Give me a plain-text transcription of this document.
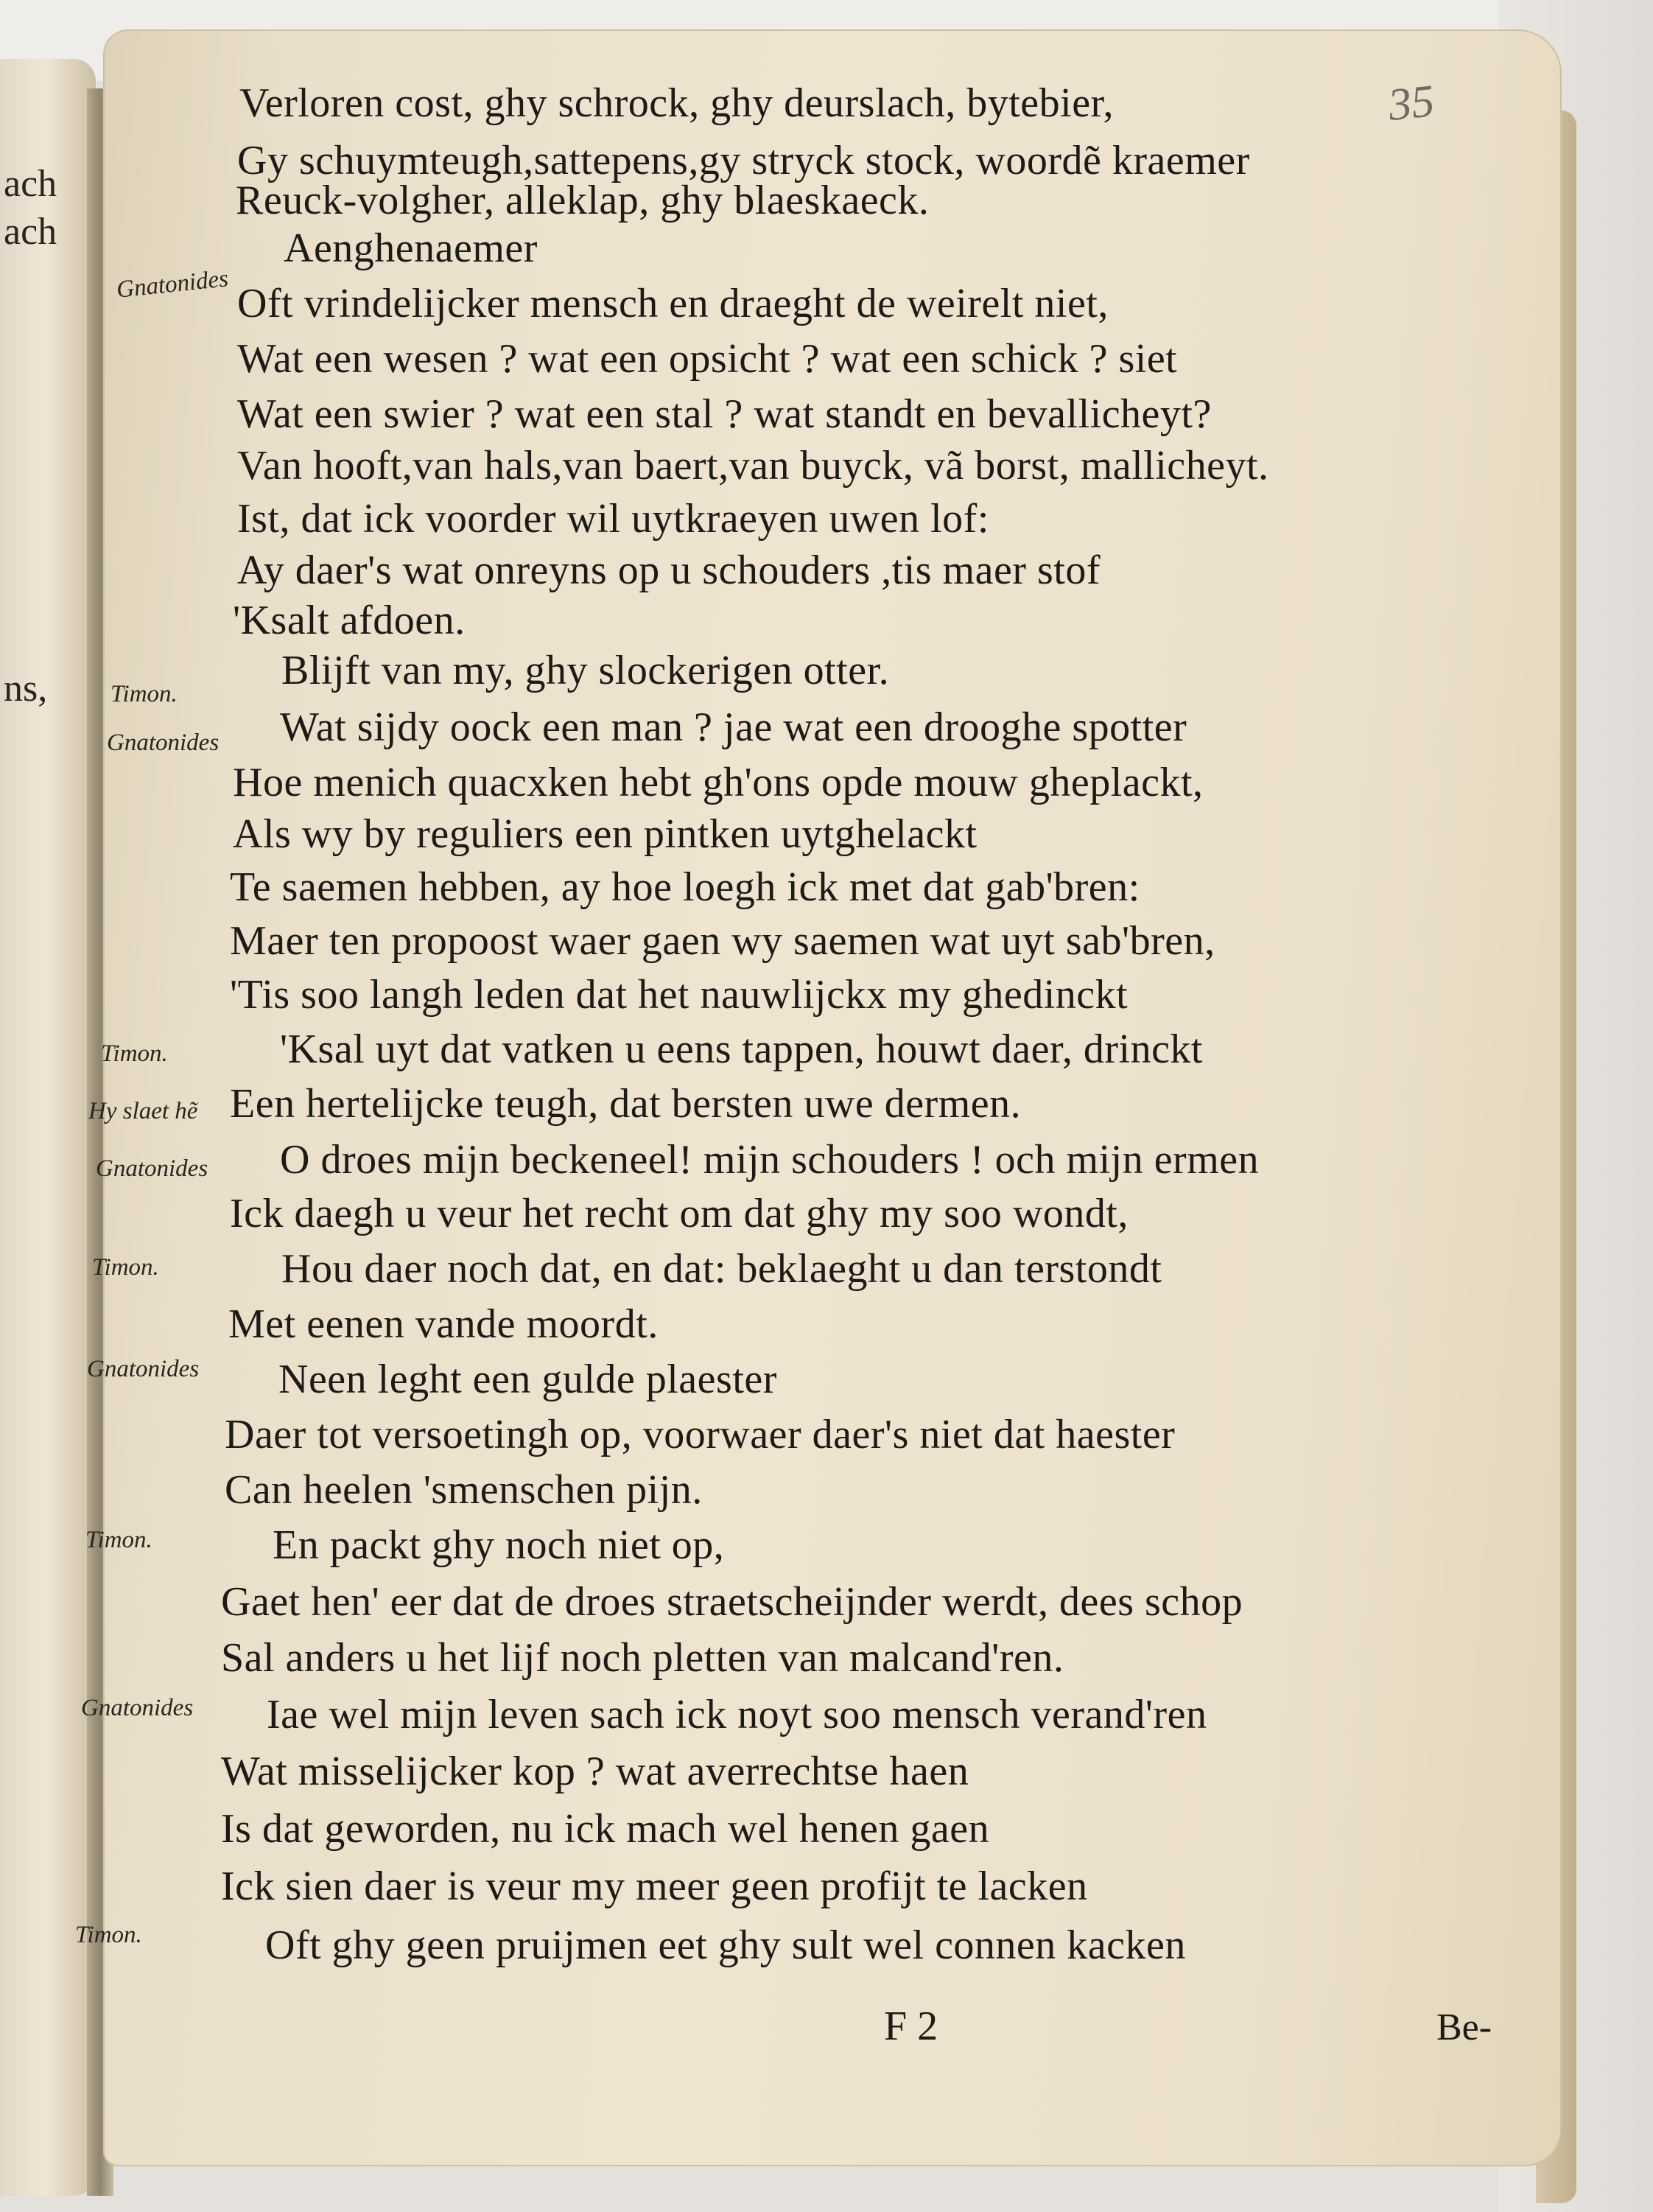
ach
ach
ns,
35
Gnatonides
Timon.
Gnatonides
Timon.
Hy slaet hẽ
Gnatonides
Timon.
Gnatonides
Timon.
Gnatonides
Timon.
Verloren cost, ghy schrock, ghy deurslach, bytebier,
Gy schuymteugh,sattepens,gy stryck stock, woordẽ kraemer
Reuck-volgher, alleklap, ghy blaeskaeck.
Aenghenaemer
Oft vrindelijcker mensch en draeght de weirelt niet,
Wat een wesen ? wat een opsicht ? wat een schick ? siet
Wat een swier ? wat een stal ? wat standt en bevallicheyt?
Van hooft,van hals,van baert,van buyck, vã borst, mallicheyt.
Ist, dat ick voorder wil uytkraeyen uwen lof:
Ay daer's wat onreyns op u schouders ,tis maer stof
'Ksalt afdoen.
Blijft van my, ghy slockerigen otter.
Wat sijdy oock een man ? jae wat een drooghe spotter
Hoe menich quacxken hebt gh'ons opde mouw gheplackt,
Als wy by reguliers een pintken uytghelackt
Te saemen hebben, ay hoe loegh ick met dat gab'bren:
Maer ten propoost waer gaen wy saemen wat uyt sab'bren,
'Tis soo langh leden dat het nauwlijckx my ghedinckt
'Ksal uyt dat vatken u eens tappen, houwt daer, drinckt
Een hertelijcke teugh, dat bersten uwe dermen.
O droes mijn beckeneel! mijn schouders ! och mijn ermen
Ick daegh u veur het recht om dat ghy my soo wondt,
Hou daer noch dat, en dat: beklaeght u dan terstondt
Met eenen vande moordt.
Neen leght een gulde plaester
Daer tot versoetingh op, voorwaer daer's niet dat haester
Can heelen 'smenschen pijn.
En packt ghy noch niet op,
Gaet hen' eer dat de droes straetscheijnder werdt, dees schop
Sal anders u het lijf noch pletten van malcand'ren.
Iae wel mijn leven sach ick noyt soo mensch verand'ren
Wat misselijcker kop ? wat averrechtse haen
Is dat geworden, nu ick mach wel henen gaen
Ick sien daer is veur my meer geen profijt te lacken
Oft ghy geen pruijmen eet ghy sult wel connen kacken
F 2	Be-
